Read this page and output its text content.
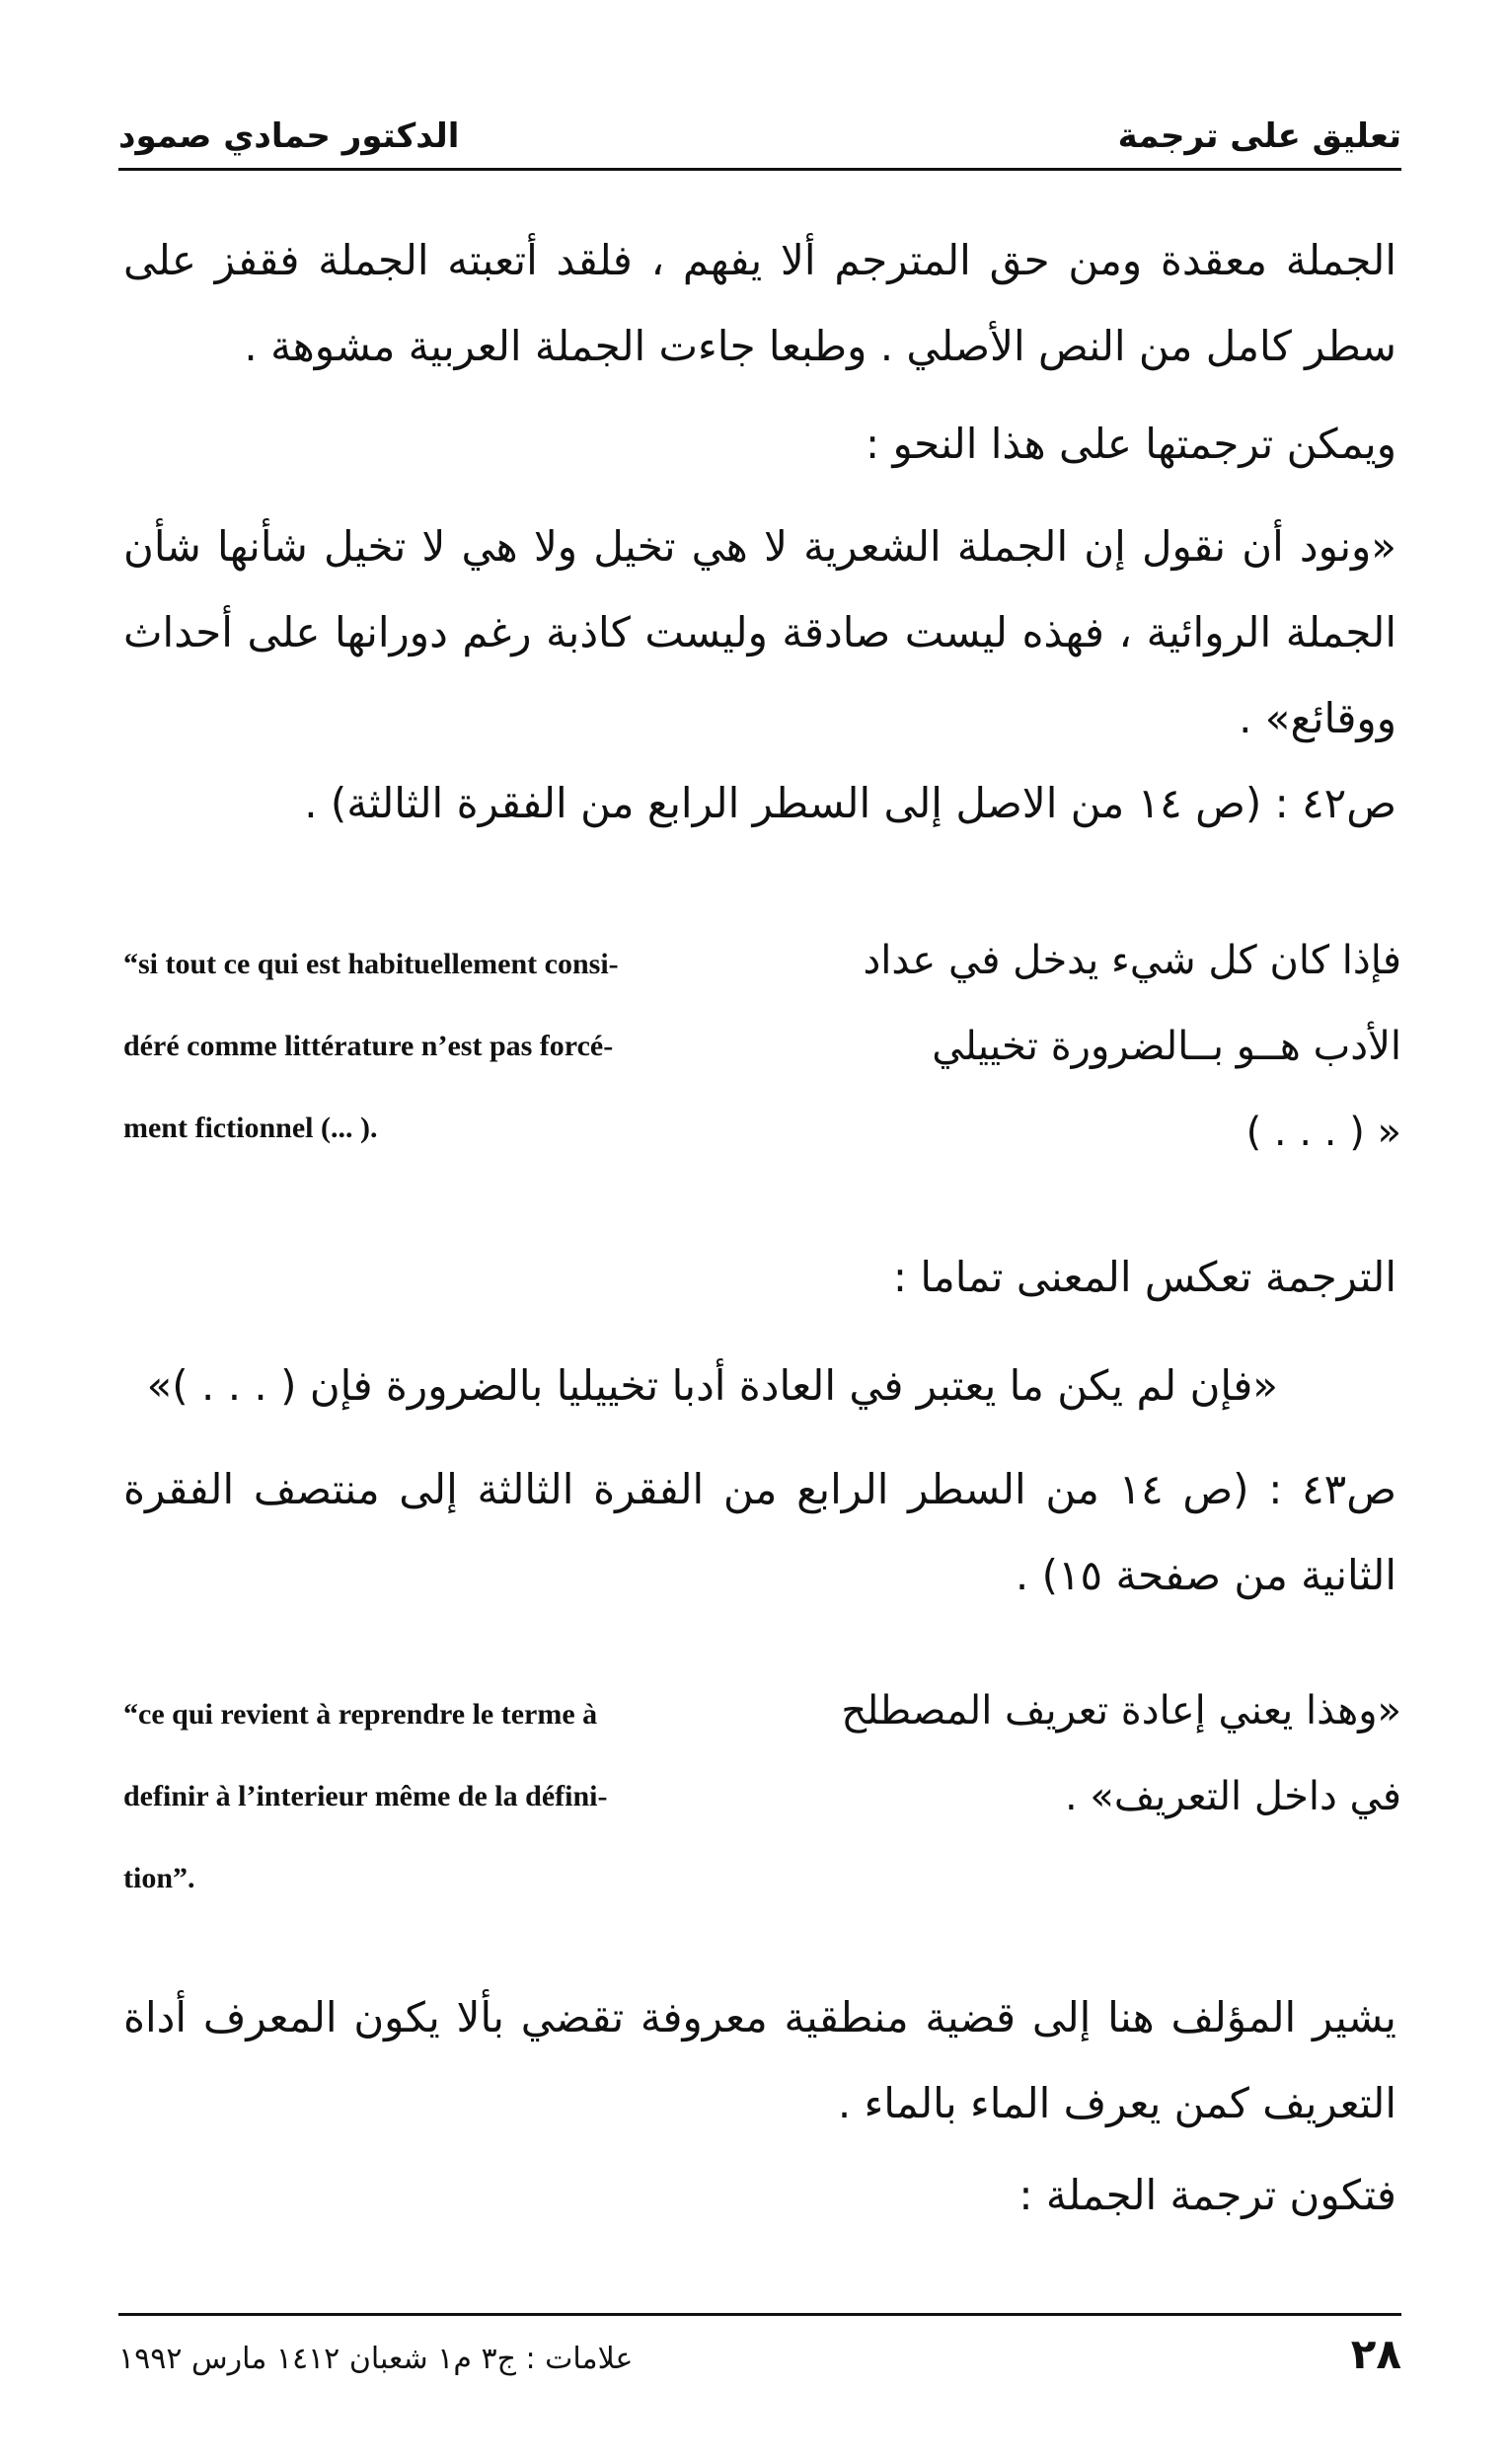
تعليق على ترجمة
الدكتور حمادي صمود
الجملة معقدة ومن حق المترجم ألا يفهم ، فلقد أتعبته الجملة فقفز على سطر كامل من النص الأصلي . وطبعا جاءت الجملة العربية مشوهة .
ويمكن ترجمتها على هذا النحو :
«ونود أن نقول إن الجملة الشعرية لا هي تخيل ولا هي لا تخيل شأنها شأن الجملة الروائية ، فهذه ليست صادقة وليست كاذبة رغم دورانها على أحداث ووقائع» .
ص٤٢ : (ص ١٤ من الاصل إلى السطر الرابع من الفقرة الثالثة) .
فإذا كان كل شيء يدخل في عداد
الأدب هــو بــالضرورة تخييلي
« ( . . . )
“si tout ce qui est habituellement consi-
déré comme littérature n’est pas forcé-
ment fictionnel (... ).
الترجمة تعكس المعنى تماما :
«فإن لم يكن ما يعتبر في العادة أدبا تخييليا بالضرورة فإن ( . . . )»
ص٤٣ : (ص ١٤ من السطر الرابع من الفقرة الثالثة إلى منتصف الفقرة الثانية من صفحة ١٥) .
«وهذا يعني إعادة تعريف المصطلح
في داخل التعريف» .
“ce qui revient à reprendre le terme à
definir à l’interieur même de la défini-
tion”.
يشير المؤلف هنا إلى قضية منطقية معروفة تقضي بألا يكون المعرف أداة التعريف كمن يعرف الماء بالماء .
فتكون ترجمة الجملة :
٢٨
علامات : ج٣ م١ شعبان ١٤١٢ مارس ١٩٩٢
